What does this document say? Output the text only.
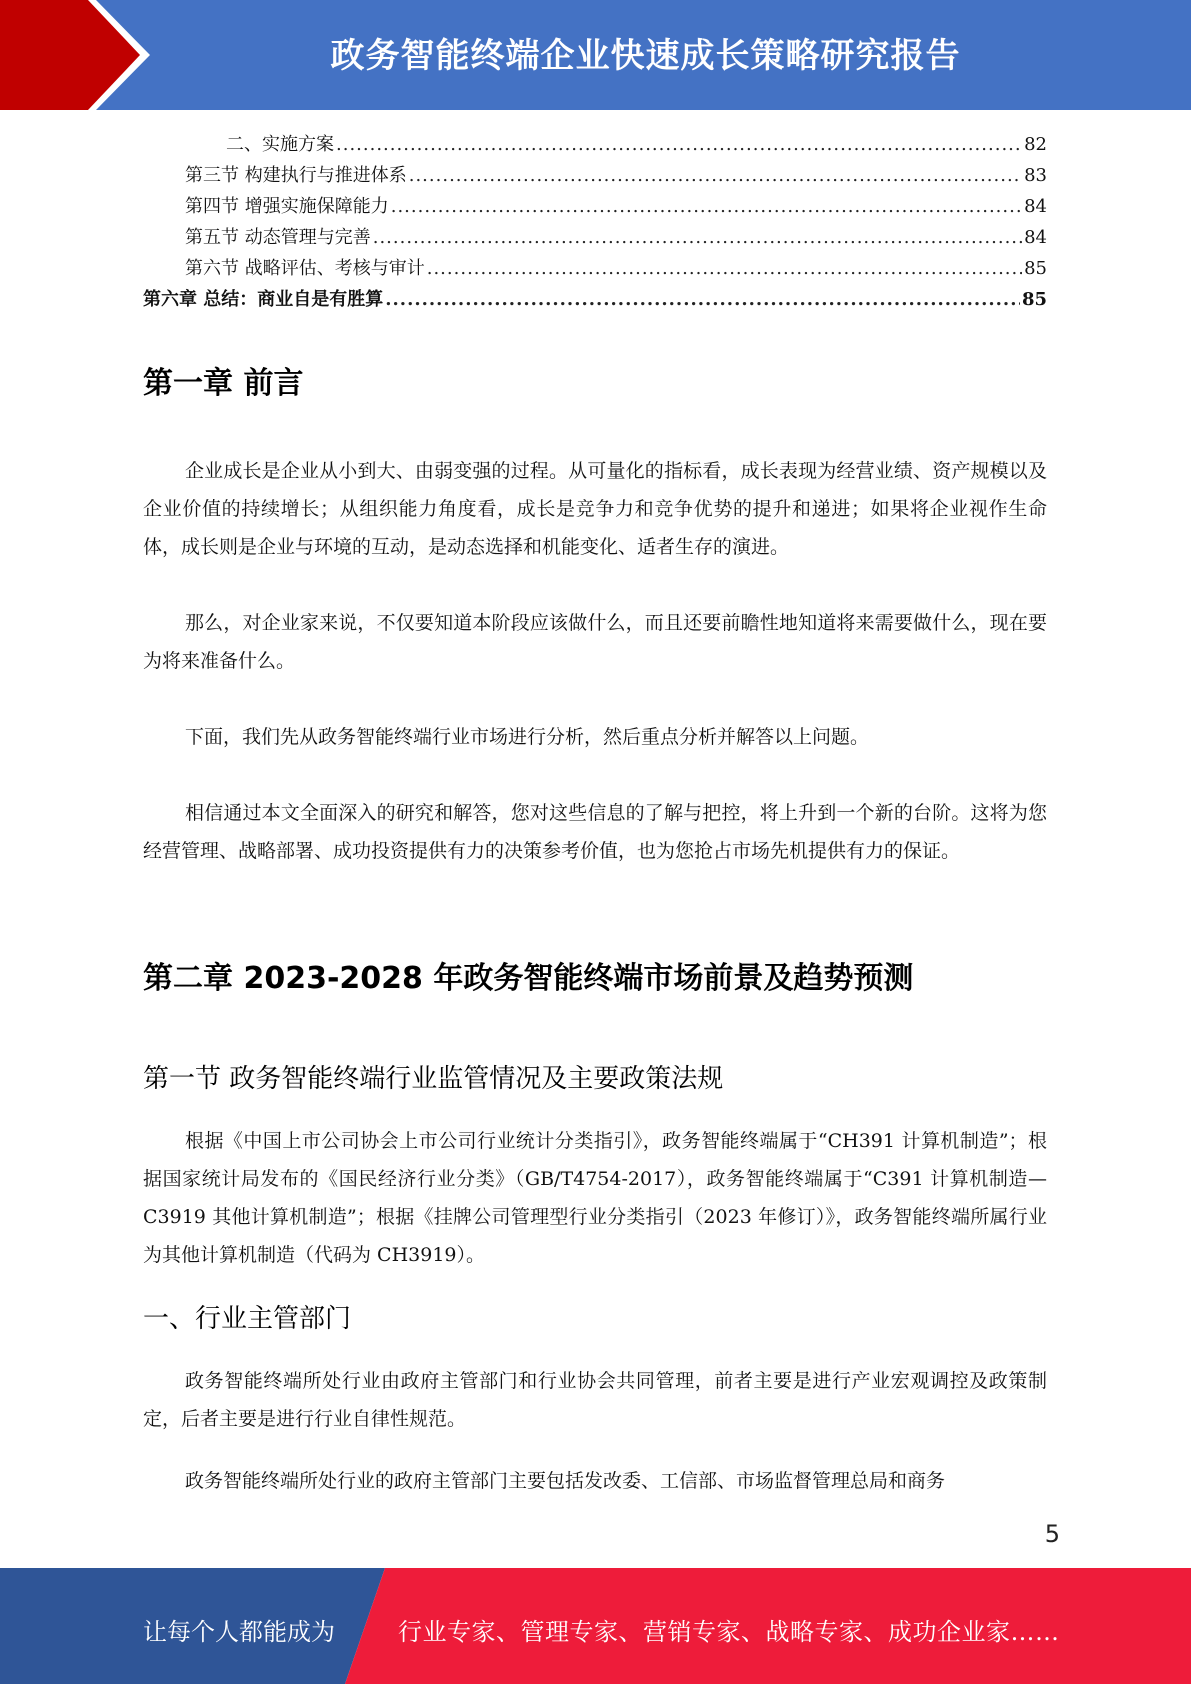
政务智能终端企业快速成长策略研究报告
二、实施方案 .....	82
第三节 构建执行与推进体系 .....	83
第四节 增强实施保障能力 .....	84
第五节 动态管理与完善 .....	84
第六节 战略评估、考核与审计 .....	85
第六章 总结：商业自是有胜算 .....	85
第一章 前言

企业成长是企业从小到大、由弱变强的过程。从可量化的指标看，成长表现为经营业绩、资产规模以及企业价值的持续增长；从组织能力角度看，成长是竞争力和竞争优势的提升和递进；如果将企业视作生命体，成长则是企业与环境的互动，是动态选择和机能变化、适者生存的演进。

那么，对企业家来说，不仅要知道本阶段应该做什么，而且还要前瞻性地知道将来需要做什么，现在要为将来准备什么。

下面，我们先从政务智能终端行业市场进行分析，然后重点分析并解答以上问题。

相信通过本文全面深入的研究和解答，您对这些信息的了解与把控，将上升到一个新的台阶。这将为您经营管理、战略部署、成功投资提供有力的决策参考价值，也为您抢占市场先机提供有力的保证。

第二章 2023-2028 年政务智能终端市场前景及趋势预测
第一节 政务智能终端行业监管情况及主要政策法规

根据《中国上市公司协会上市公司行业统计分类指引》，政务智能终端属于“CH391 计算机制造”；根据国家统计局发布的《国民经济行业分类》（GB/T4754-2017），政务智能终端属于“C391 计算机制造—C3919 其他计算机制造”；根据《挂牌公司管理型行业分类指引（2023 年修订）》，政务智能终端所属行业为其他计算机制造（代码为 CH3919）。

一、行业主管部门

政务智能终端所处行业由政府主管部门和行业协会共同管理，前者主要是进行产业宏观调控及政策制定，后者主要是进行行业自律性规范。

政务智能终端所处行业的政府主管部门主要包括发改委、工信部、市场监督管理总局和商务

5
让每个人都能成为	行业专家、管理专家、营销专家、战略专家、成功企业家……
